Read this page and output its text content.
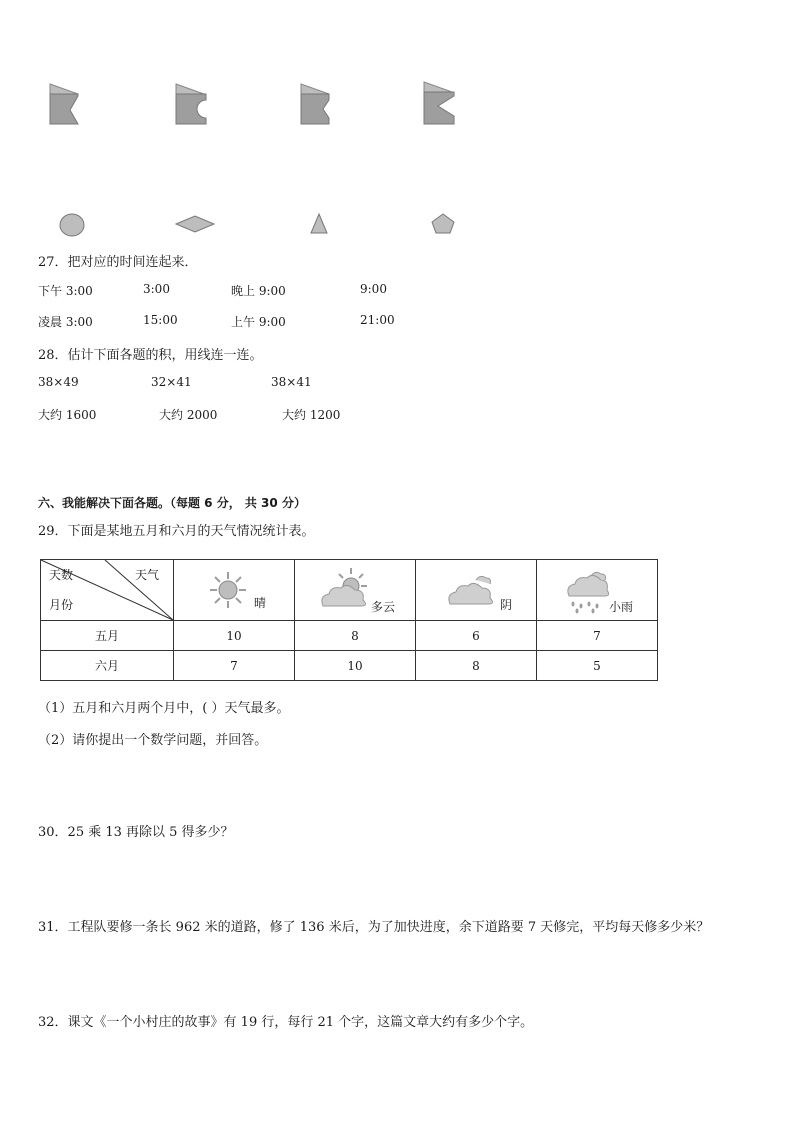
27．把对应的时间连起来．
下午 3:00	3:00	晚上 9:00	9:00
凌晨 3:00	15:00	上午 9:00	21:00
28．估计下面各题的积，用线连一连。
38×49	32×41	38×41
大约 1600	大约 2000	大约 1200
六、我能解决下面各题。（每题 6 分， 共 30 分）
29．下面是某地五月和六月的天气情况统计表。
天数 天气
月份	晴	多云	阴	小雨

五月	10	8	6	7
六月	7	10	8	5
（1）五月和六月两个月中，( ）天气最多。
（2）请你提出一个数学问题，并回答。
30．25 乘 13 再除以 5 得多少？
31．工程队要修一条长 962 米的道路，修了 136 米后，为了加快进度，余下道路要 7 天修完，平均每天修多少米？
32．课文《一个小村庄的故事》有 19 行，每行 21 个字，这篇文章大约有多少个字。
